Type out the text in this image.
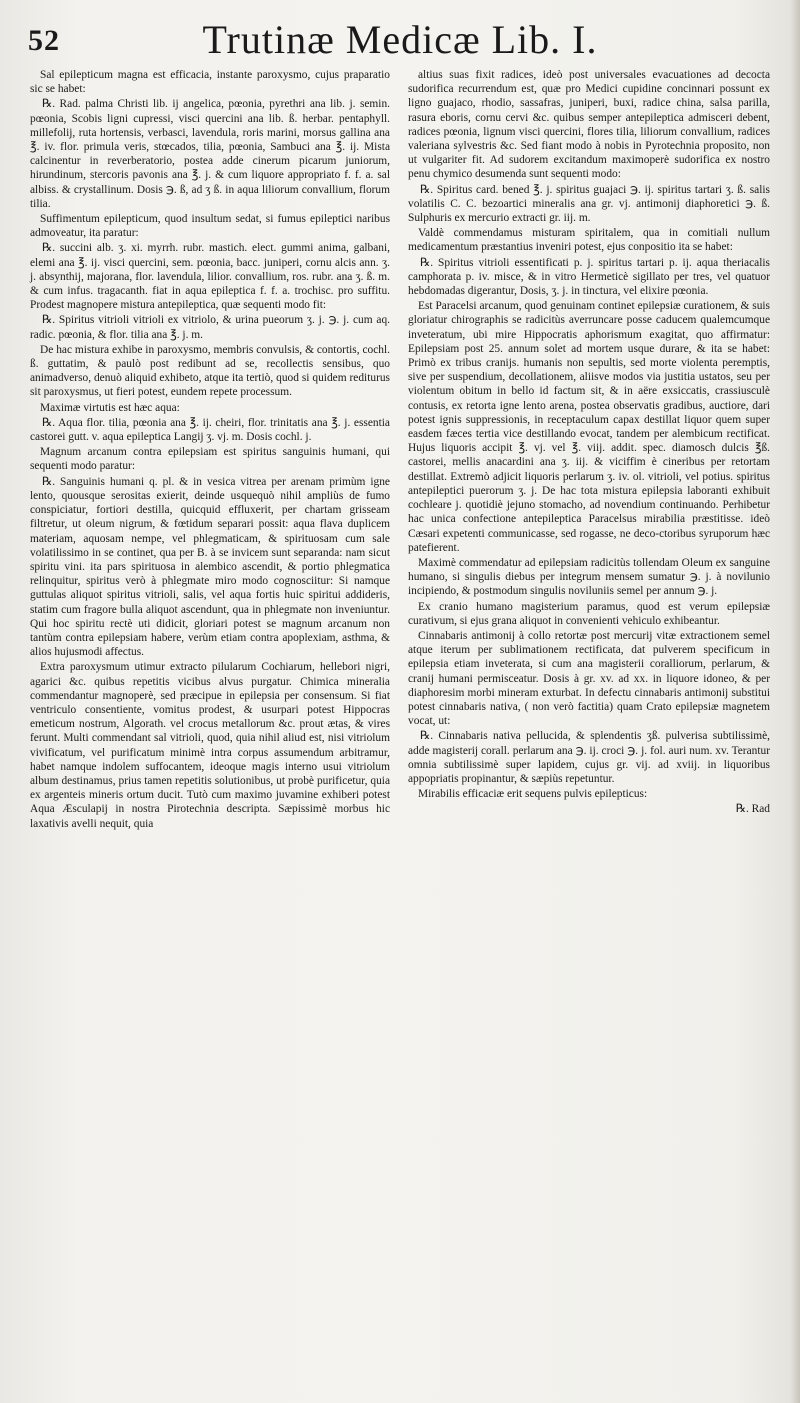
52	Trutinæ Medicæ Lib. I.

Sal epilepticum magna est efficacia, instante paroxysmo, cujus praparatio sic se habet:

℞. Rad. palma Christi lib. ij angelica, pœonia, pyrethri ana lib. j. semin. pœonia, Scobis ligni cupressi, visci quercini ana lib. ß. herbar. pentaphyll. millefolij, ruta hortensis, verbasci, lavendula, roris marini, morsus gallina ana ℥. iv. flor. primula veris, stœcados, tilia, pœonia, Sambuci ana ℥. ij. Mista calcinentur in reverberatorio, postea adde cinerum picarum juniorum, hirundinum, stercoris pavonis ana ℥. j. & cum liquore appropriato f. f. a. sal albiss. & crystallinum. Dosis ℈. ß, ad ʒ ß. in aqua liliorum convallium, florum tilia.

Suffimentum epilepticum, quod insultum sedat, si fumus epileptici naribus admoveatur, ita paratur:

℞. succini alb. ʒ. xi. myrrh. rubr. mastich. elect. gummi anima, galbani, elemi ana ℥. ij. visci quercini, sem. pœonia, bacc. juniperi, cornu alcis ann. ʒ. j. absynthij, majorana, flor. lavendula, lilior. convallium, ros. rubr. ana ʒ. ß. m. & cum infus. tragacanth. fiat in aqua epileptica f. f. a. trochisc. pro suffitu. Prodest magnopere mistura antepileptica, quæ sequenti modo fit:

℞. Spiritus vitrioli vitrioli ex vitriolo, & urina pueorum ʒ. j. ℈. j. cum aq. radic. pœonia, & flor. tilia ana ℥. j. m.

De hac mistura exhibe in paroxysmo, membris convulsis, & contortis, cochl. ß. guttatim, & paulò post redibunt ad se, recollectis sensibus, quo animadverso, denuò aliquid exhibeto, atque ita tertiò, quod si quidem rediturus sit paroxysmus, ut fieri potest, eundem repete processum.

Maximæ virtutis est hæc aqua:

℞. Aqua flor. tilia, pœonia ana ℥. ij. cheiri, flor. trinitatis ana ℥. j. essentia castorei gutt. v. aqua epileptica Langij ʒ. vj. m. Dosis cochl. j.

Magnum arcanum contra epilepsiam est spiritus sanguinis humani, qui sequenti modo paratur:

℞. Sanguinis humani q. pl. & in vesica vitrea per arenam primùm igne lento, quousque serositas exierit, deinde usquequò nihil ampliùs de fumo conspiciatur, fortiori destilla, quicquid effluxerit, per chartam grisseam filtretur, ut oleum nigrum, & fœtidum separari possit: aqua flava duplicem materiam, aquosam nempe, vel phlegmaticam, & spirituosam cum sale volatilissimo in se continet, qua per B. à se invicem sunt separanda: nam sicut spiritu vini. ita pars spirituosa in alembico ascendit, & portio phlegmatica relinquitur, spiritus verò à phlegmate miro modo cognosciitur: Si namque guttulas aliquot spiritus vitrioli, salis, vel aqua fortis huic spiritui addideris, statim cum fragore bulla aliquot ascendunt, qua in phlegmate non inveniuntur. Qui hoc spiritu rectè uti didicit, gloriari potest se magnum arcanum non tantùm contra epilepsiam habere, verùm etiam contra apoplexiam, asthma, & alios hujusmodi affectus.

Extra paroxysmum utimur extracto pilularum Cochiarum, hellebori nigri, agarici &c. quibus repetitis vicibus alvus purgatur. Chimica mineralia commendantur magnoperè, sed præcipue in epilepsia per consensum. Si fiat ventriculo consentiente, vomitus prodest, & usurpari potest Hippocras emeticum nostrum, Algorath. vel crocus metallorum &c. prout ætas, & vires ferunt. Multi commendant sal vitrioli, quod, quia nihil aliud est, nisi vitriolum vivificatum, vel purificatum minimè intra corpus assumendum arbitramur, habet namque indolem suffocantem, ideoque magis interno usui vitriolum album destinamus, prius tamen repetitis solutionibus, ut probè purificetur, quia ex argenteis mineris ortum ducit. Tutò cum maximo juvamine exhiberi potest Aqua Æsculapij in nostra Pirotechnia descripta. Sæpissimè morbus hic laxativis avelli nequit, quia

altius suas fixit radices, ideò post universales evacuationes ad decocta sudorifica recurrendum est, quæ pro Medici cupidine concinnari possunt ex ligno guajaco, rhodio, sassafras, juniperi, buxi, radice china, salsa parilla, rasura eboris, cornu cervi &c. quibus semper antepileptica admisceri debent, radices pœonia, lignum visci quercini, flores tilia, liliorum convallium, radices valeriana sylvestris &c. Sed fiant modo à nobis in Pyrotechnia proposito, non ut vulgariter fit. Ad sudorem excitandum maximoperè sudorifica ex nostro penu chymico desumenda sunt sequenti modo:

℞. Spiritus card. bened ℥. j. spiritus guajaci ℈. ij. spiritus tartari ʒ. ß. salis volatilis C. C. bezoartici mineralis ana gr. vj. antimonij diaphoretici ℈. ß. Sulphuris ex mercurio extracti gr. iij. m.

Valdè commendamus misturam spiritalem, qua in comitiali nullum medicamentum præstantius inveniri potest, ejus conpositio ita se habet:

℞. Spiritus vitrioli essentificati p. j. spiritus tartari p. ij. aqua theriacalis camphorata p. iv. misce, & in vitro Hermeticè sigillato per tres, vel quatuor hebdomadas digerantur, Dosis, ʒ. j. in tinctura, vel elixire pœonia.

Est Paracelsi arcanum, quod genuinam continet epilepsiæ curationem, & suis gloriatur chirographis se radicitùs averruncare posse caducem qualemcumque inveteratum, ubi mire Hippocratis aphorismum exagitat, quo affirmatur: Epilepsiam post 25. annum solet ad mortem usque durare, & ita se habet: Primò ex tribus cranijs. humanis non sepultis, sed morte violenta peremptis, sive per suspendium, decollationem, aliisve modos via justitia ustatos, seu per violentum obitum in bello id factum sit, & in aëre exsiccatis, crassiusculè contusis, ex retorta igne lento arena, postea observatis gradibus, auctiore, dari potest ignis suppressionis, in receptaculum capax destillat liquor quem super easdem fæces tertia vice destillando evocat, tandem per alembicum rectificat. Hujus liquoris accipit ℥. vj. vel ℥. viij. addit. spec. diamosch dulcis ℥ß. castorei, mellis anacardini ana ʒ. iij. & viciffim è cineribus per retortam destillat. Extremò adjicit liquoris perlarum ʒ. iv. ol. vitrioli, vel potius. spiritus antepileptici puerorum ʒ. j. De hac tota mistura epilepsia laboranti exhibuit cochleare j. quotidiè jejuno stomacho, ad novendium continuando. Perhibetur hac unica confectione antepileptica Paracelsus mirabilia præstitisse. ideò Cæsari expetenti communicasse, sed rogasse, ne deco-ctoribus syruporum hæc patefierent.

Maximè commendatur ad epilepsiam radicitùs tollendam Oleum ex sanguine humano, si singulis diebus per integrum mensem sumatur ℈. j. à novilunio incipiendo, & postmodum singulis noviluniis semel per annum ℈. j.

Ex cranio humano magisterium paramus, quod est verum epilepsiæ curativum, si ejus grana aliquot in convenienti vehiculo exhibeantur.

Cinnabaris antimonij à collo retortæ post mercurij vitæ extractionem semel atque iterum per sublimationem rectificata, dat pulverem specificum in epilepsia etiam inveterata, si cum ana magisterii coralliorum, perlarum, & cranij humani permisceatur. Dosis à gr. xv. ad xx. in liquore idoneo, & per diaphoresim morbi mineram exturbat. In defectu cinnabaris antimonij substitui potest cinnabaris nativa, ( non verò factitia) quam Crato epilepsiæ magnetem vocat, ut:

℞. Cinnabaris nativa pellucida, & splendentis ʒß. pulverisa subtilissimè, adde magisterij corall. perlarum ana ℈. ij. croci ℈. j. fol. auri num. xv. Terantur omnia subtilissimè super lapidem, cujus gr. vij. ad xviij. in liquoribus appopriatis propinantur, & sæpiùs repetuntur.

Mirabilis efficaciæ erit sequens pulvis epilepticus:

℞. Rad
